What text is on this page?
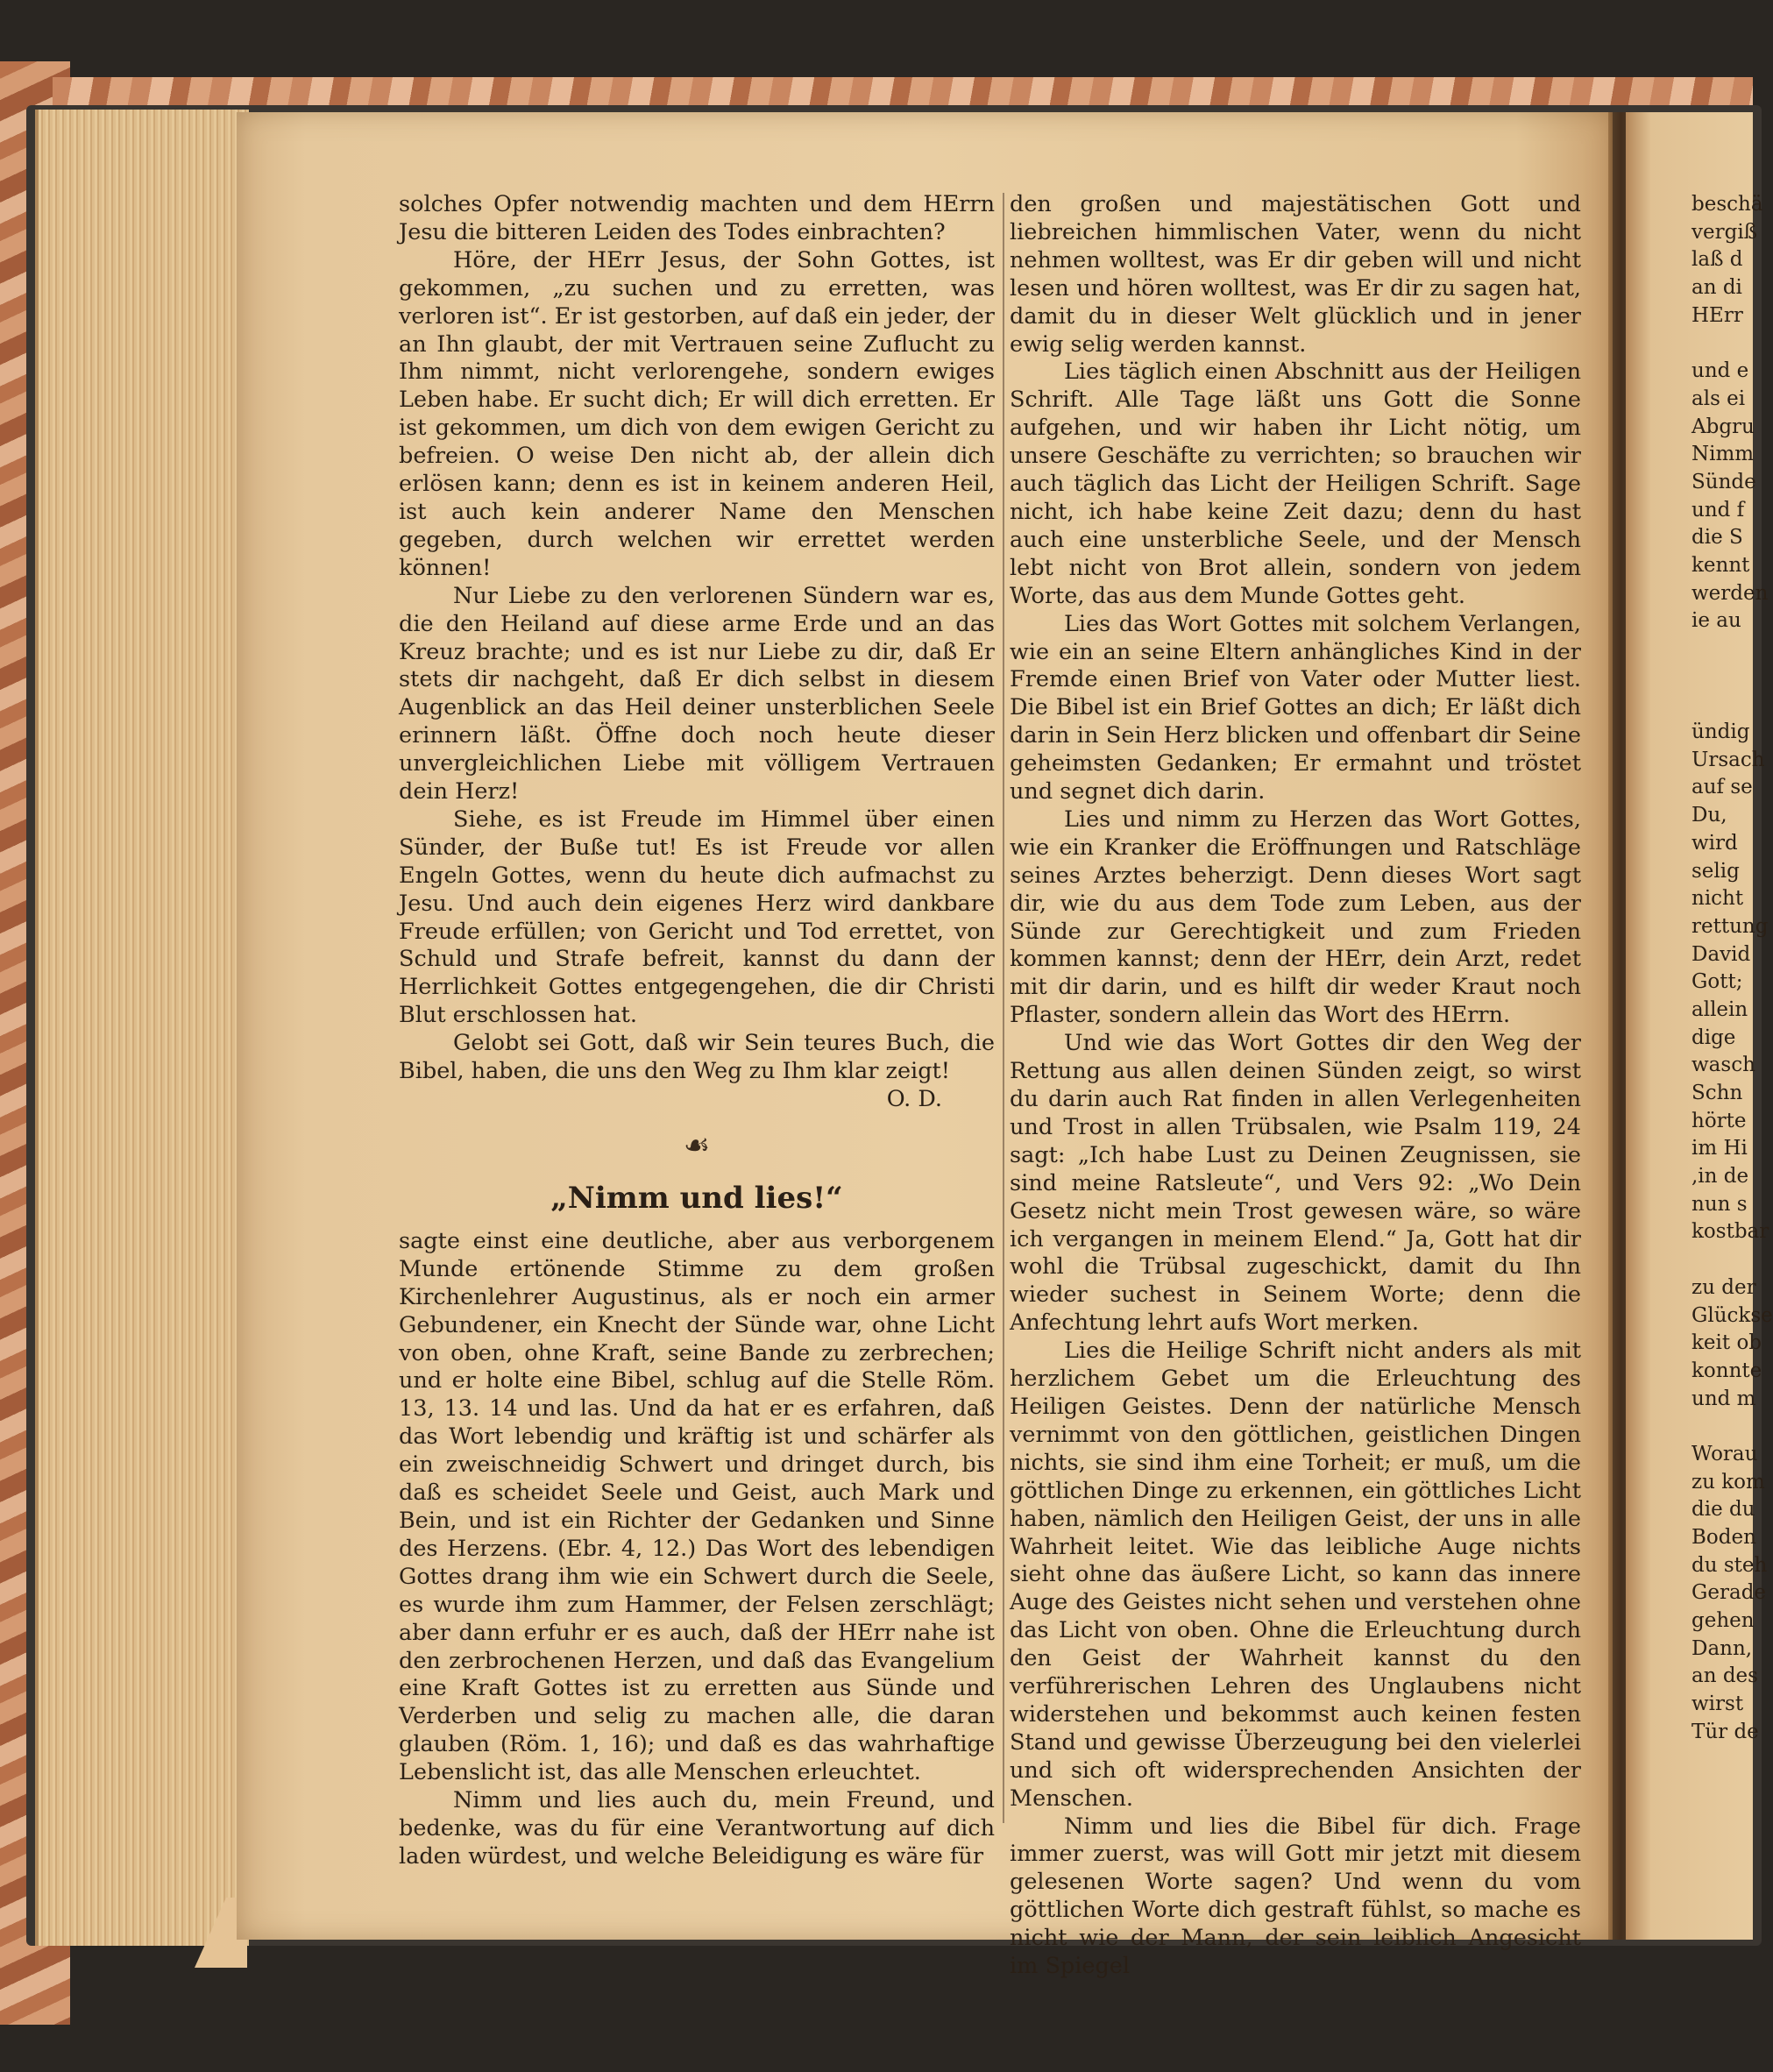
solches Opfer notwendig machten und dem HErrn Jesu die bitteren Leiden des Todes einbrachten?

Höre, der HErr Jesus, der Sohn Gottes, ist gekommen, „zu suchen und zu erretten, was verloren ist“. Er ist gestorben, auf daß ein jeder, der an Ihn glaubt, der mit Vertrauen seine Zuflucht zu Ihm nimmt, nicht verlorengehe, sondern ewiges Leben habe. Er sucht dich; Er will dich erretten. Er ist gekommen, um dich von dem ewigen Gericht zu befreien. O weise Den nicht ab, der allein dich erlösen kann; denn es ist in keinem anderen Heil, ist auch kein anderer Name den Menschen gegeben, durch welchen wir errettet werden können!

Nur Liebe zu den verlorenen Sündern war es, die den Heiland auf diese arme Erde und an das Kreuz brachte; und es ist nur Liebe zu dir, daß Er stets dir nachgeht, daß Er dich selbst in diesem Augenblick an das Heil deiner unsterblichen Seele erinnern läßt. Öffne doch noch heute dieser unvergleichlichen Liebe mit völligem Vertrauen dein Herz!

Siehe, es ist Freude im Himmel über einen Sünder, der Buße tut! Es ist Freude vor allen Engeln Gottes, wenn du heute dich aufmachst zu Jesu. Und auch dein eigenes Herz wird dankbare Freude erfüllen; von Gericht und Tod errettet, von Schuld und Strafe befreit, kannst du dann der Herrlichkeit Gottes entgegengehen, die dir Christi Blut erschlossen hat.

Gelobt sei Gott, daß wir Sein teures Buch, die Bibel, haben, die uns den Weg zu Ihm klar zeigt!

O. D.

☙
„Nimm und lies!“

sagte einst eine deutliche, aber aus verborgenem Munde ertönende Stimme zu dem großen Kirchenlehrer Augustinus, als er noch ein armer Gebundener, ein Knecht der Sünde war, ohne Licht von oben, ohne Kraft, seine Bande zu zerbrechen; und er holte eine Bibel, schlug auf die Stelle Röm. 13, 13. 14 und las. Und da hat er es erfahren, daß das Wort lebendig und kräftig ist und schärfer als ein zweischneidig Schwert und dringet durch, bis daß es scheidet Seele und Geist, auch Mark und Bein, und ist ein Richter der Gedanken und Sinne des Herzens. (Ebr. 4, 12.) Das Wort des lebendigen Gottes drang ihm wie ein Schwert durch die Seele, es wurde ihm zum Hammer, der Felsen zerschlägt; aber dann erfuhr er es auch, daß der HErr nahe ist den zerbrochenen Herzen, und daß das Evangelium eine Kraft Gottes ist zu erretten aus Sünde und Verderben und selig zu machen alle, die daran glauben (Röm. 1, 16); und daß es das wahrhaftige Lebenslicht ist, das alle Menschen erleuchtet.

Nimm und lies auch du, mein Freund, und bedenke, was du für eine Verantwortung auf dich laden würdest, und welche Beleidigung es wäre für

den großen und majestätischen Gott und liebreichen himmlischen Vater, wenn du nicht nehmen wolltest, was Er dir geben will und nicht lesen und hören wolltest, was Er dir zu sagen hat, damit du in dieser Welt glücklich und in jener ewig selig werden kannst.

Lies täglich einen Abschnitt aus der Heiligen Schrift. Alle Tage läßt uns Gott die Sonne aufgehen, und wir haben ihr Licht nötig, um unsere Geschäfte zu verrichten; so brauchen wir auch täglich das Licht der Heiligen Schrift. Sage nicht, ich habe keine Zeit dazu; denn du hast auch eine unsterbliche Seele, und der Mensch lebt nicht von Brot allein, sondern von jedem Worte, das aus dem Munde Gottes geht.

Lies das Wort Gottes mit solchem Verlangen, wie ein an seine Eltern anhängliches Kind in der Fremde einen Brief von Vater oder Mutter liest. Die Bibel ist ein Brief Gottes an dich; Er läßt dich darin in Sein Herz blicken und offenbart dir Seine geheimsten Gedanken; Er ermahnt und tröstet und segnet dich darin.

Lies und nimm zu Herzen das Wort Gottes, wie ein Kranker die Eröffnungen und Ratschläge seines Arztes beherzigt. Denn dieses Wort sagt dir, wie du aus dem Tode zum Leben, aus der Sünde zur Gerechtigkeit und zum Frieden kommen kannst; denn der HErr, dein Arzt, redet mit dir darin, und es hilft dir weder Kraut noch Pflaster, sondern allein das Wort des HErrn.

Und wie das Wort Gottes dir den Weg der Rettung aus allen deinen Sünden zeigt, so wirst du darin auch Rat finden in allen Verlegenheiten und Trost in allen Trübsalen, wie Psalm 119, 24 sagt: „Ich habe Lust zu Deinen Zeugnissen, sie sind meine Ratsleute“, und Vers 92: „Wo Dein Gesetz nicht mein Trost gewesen wäre, so wäre ich vergangen in meinem Elend.“ Ja, Gott hat dir wohl die Trübsal zugeschickt, damit du Ihn wieder suchest in Seinem Worte; denn die Anfechtung lehrt aufs Wort merken.

Lies die Heilige Schrift nicht anders als mit herzlichem Gebet um die Erleuchtung des Heiligen Geistes. Denn der natürliche Mensch vernimmt von den göttlichen, geistlichen Dingen nichts, sie sind ihm eine Torheit; er muß, um die göttlichen Dinge zu erkennen, ein göttliches Licht haben, nämlich den Heiligen Geist, der uns in alle Wahrheit leitet. Wie das leibliche Auge nichts sieht ohne das äußere Licht, so kann das innere Auge des Geistes nicht sehen und verstehen ohne das Licht von oben. Ohne die Erleuchtung durch den Geist der Wahrheit kannst du den verführerischen Lehren des Unglaubens nicht widerstehen und bekommst auch keinen festen Stand und gewisse Überzeugung bei den vielerlei und sich oft widersprechenden Ansichten der Menschen.

Nimm und lies die Bibel für dich. Frage immer zuerst, was will Gott mir jetzt mit diesem gelesenen Worte sagen? Und wenn du vom göttlichen Worte dich gestraft fühlst, so mache es nicht wie der Mann, der sein leiblich Angesicht im Spiegel

beschä
vergiß
laß d
an di
HErr
und e
als ei
Abgru
Nimm
Sünde
und f
die S
kennt
werden
ie au
ündig
Ursach
auf se
Du,
wird
selig
nicht
rettung
David
Gott;
allein
dige
wasch
Schn
hörte
im Hi
,in de
nun s
kostbar
zu der
Glückse
keit ob
konnte
und m
Worau
zu kom
die du
Boden
du steh
Gerade
gehen
Dann,
an des
wirst
Tür de
